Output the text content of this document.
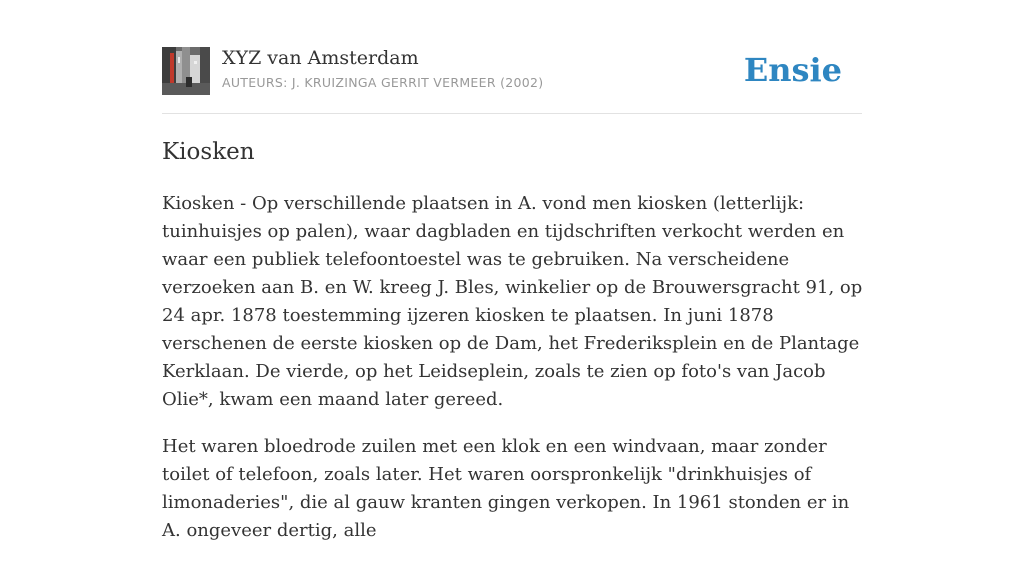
XYZ van Amsterdam
AUTEURS: J. KRUIZINGA GERRIT VERMEER (2002)	Ensie
Kiosken

Kiosken - Op verschillende plaatsen in A. vond men kiosken (letterlijk: tuinhuisjes op palen), waar dagbladen en tijdschriften verkocht werden en waar een publiek telefoontoestel was te gebruiken. Na verscheidene verzoeken aan B. en W. kreeg J. Bles, winkelier op de Brouwersgracht 91, op 24 apr. 1878 toestemming ijzeren kiosken te plaatsen. In juni 1878 verschenen de eerste kiosken op de Dam, het Frederiksplein en de Plantage Kerklaan. De vierde, op het Leidseplein, zoals te zien op foto's van Jacob Olie*, kwam een maand later gereed.

Het waren bloedrode zuilen met een klok en een windvaan, maar zonder toilet of telefoon, zoals later. Het waren oorspronkelijk "drinkhuisjes of limonaderies", die al gauw kranten gingen verkopen. In 1961 stonden er in A. ongeveer dertig, alle
